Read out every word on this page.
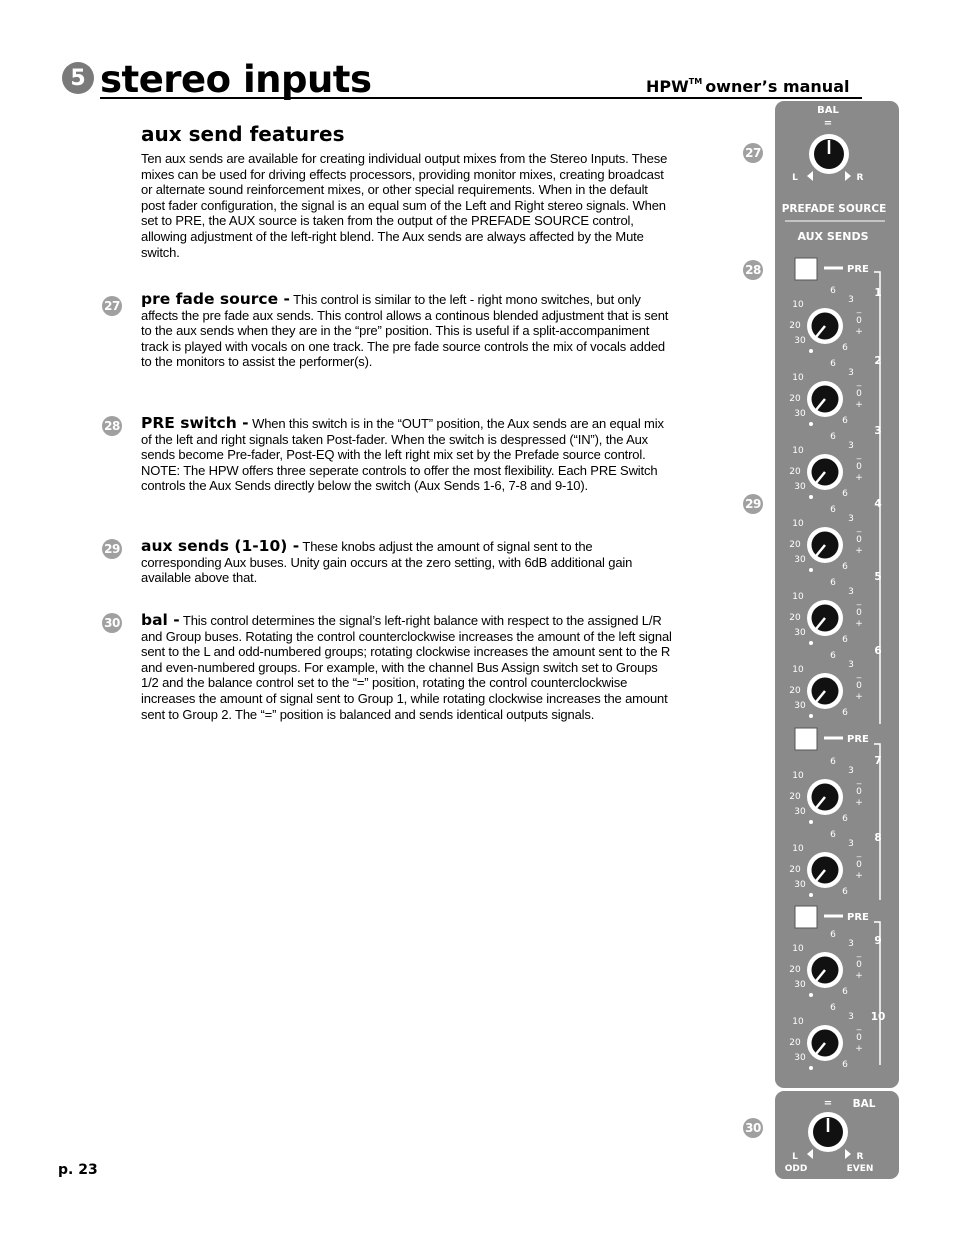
5 stereo inputs	HPW™ owner’s manual
aux send features

Ten aux sends are available for creating individual output mixes from the Stereo Inputs. These mixes can be used for driving effects processors, providing monitor mixes, creating broadcast or alternate sound reinforcement mixes, or other special requirements. When in the default post fader configuration, the signal is an equal sum of the Left and Right stereo signals. When set to PRE, the AUX source is taken from the output of the PREFADE SOURCE control, allowing adjustment of the left-right blend. The Aux sends are always affected by the Mute switch.

27 pre fade source - This control is similar to the left - right mono switches, but only affects the pre fade aux sends. This control allows a continous blended adjustment that is sent to the aux sends when they are in the “pre” position. This is useful if a split-accompaniment track is played with vocals on one track. The pre fade source controls the mix of vocals added to the monitors to assist the performer(s).

28 PRE switch - When this switch is in the “OUT” position, the Aux sends are an equal mix of the left and right signals taken Post-fader. When the switch is despressed (“IN”), the Aux sends become Pre-fader, Post-EQ with the left right mix set by the Prefade source control. NOTE: The HPW offers three seperate controls to offer the most flexibility. Each PRE Switch controls the Aux Sends directly below the switch (Aux Sends 1-6, 7-8 and 9-10).

29 aux sends (1-10) - These knobs adjust the amount of signal sent to the corresponding Aux buses. Unity gain occurs at the zero setting, with 6dB additional gain available above that.

30 bal - This control determines the signal’s left-right balance with respect to the assigned L/R and Group buses. Rotating the control counterclockwise increases the amount of the left signal sent to the L and odd-numbered groups; rotating clockwise increases the amount sent to the R and even-numbered groups. For example, with the channel Bus Assign switch set to Groups 1/2 and the balance control set to the “=” position, rotating the control counterclockwise increases the amount of signal sent to Group 1, while rotating clockwise increases the amount sent to Group 2. The “=” position is balanced and sends identical outputs signals.

27
28
29
30
BAL
=
L	R
PREFADE SOURCE
AUX SENDS
PRE
PRE
PRE
10
20
30
6
3
_
0
+
6
1
10
20
30
6
3
_
0
+
6
2
10
20
30
6
3
_
0
+
6
3
10
20
30
6
3
_
0
+
6
4
10
20
30
6
3
_
0
+
6
5
10
20
30
6
3
_
0
+
6
6
10
20
30
6
3
_
0
+
6
7
10
20
30
6
3
_
0
+
6
8
10
20
30
6
3
_
0
+
6
9
10
20
30
6
3
_
0
+
6
10
= BAL
L	R
ODD	EVEN
p. 23
